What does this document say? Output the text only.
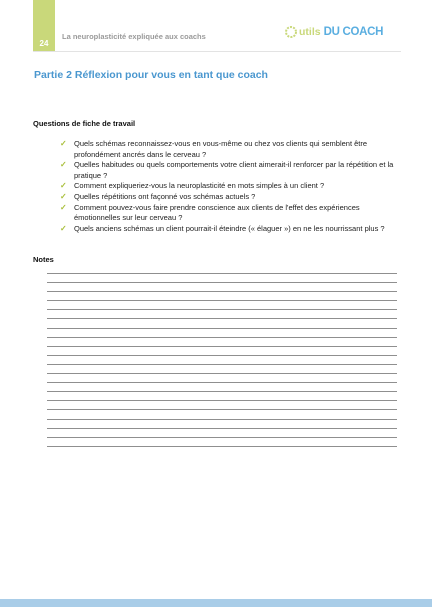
24
La neuroplasticité expliquée aux coachs	utils DU COACH
Partie 2 Réflexion pour vous en tant que coach
Questions de fiche de travail
✓ Quels schémas reconnaissez-vous en vous-même ou chez vos clients qui semblent être profondément ancrés dans le cerveau ?
✓ Quelles habitudes ou quels comportements votre client aimerait-il renforcer par la répétition et la pratique ?
✓ Comment expliqueriez-vous la neuroplasticité en mots simples à un client ?
✓ Quelles répétitions ont façonné vos schémas actuels ?
✓ Comment pouvez-vous faire prendre conscience aux clients de l'effet des expériences émotionnelles sur leur cerveau ?
✓ Quels anciens schémas un client pourrait-il éteindre (« élaguer ») en ne les nourrissant plus ?
Notes
